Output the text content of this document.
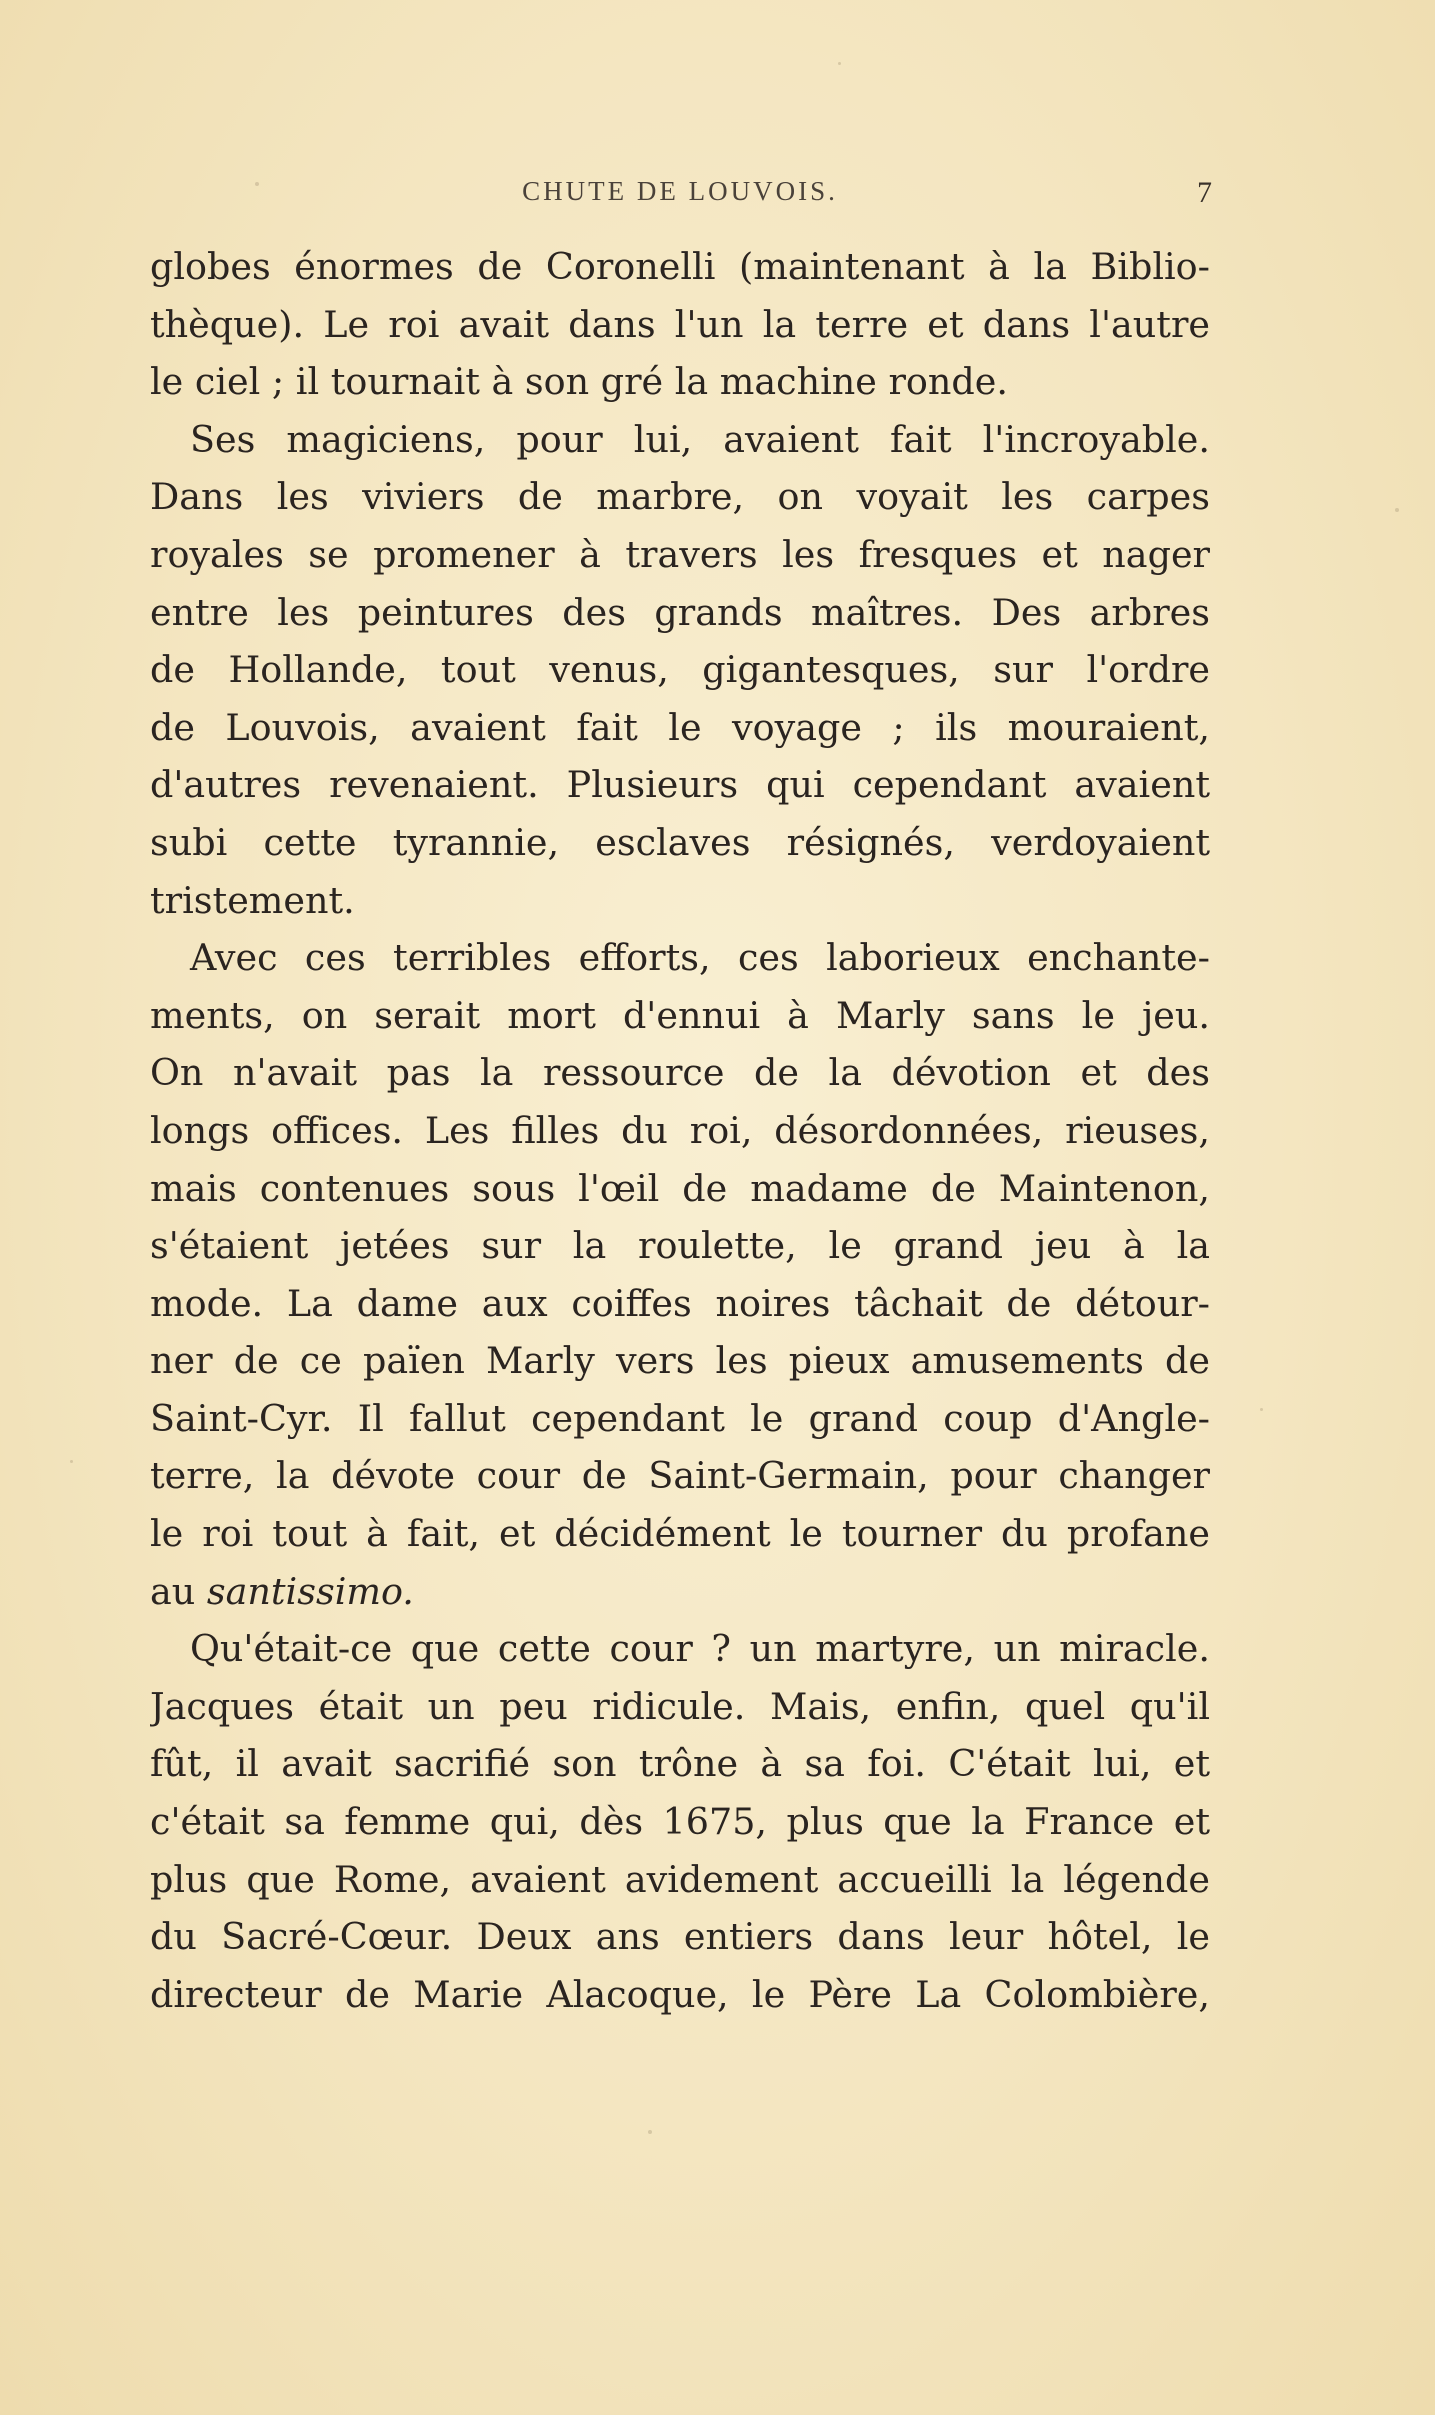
CHUTE DE LOUVOIS.	7
globes énormes de Coronelli (maintenant à la Biblio-
thèque). Le roi avait dans l'un la terre et dans l'autre
le ciel ; il tournait à son gré la machine ronde.
Ses magiciens, pour lui, avaient fait l'incroyable.
Dans les viviers de marbre, on voyait les carpes
royales se promener à travers les fresques et nager
entre les peintures des grands maîtres. Des arbres
de Hollande, tout venus, gigantesques, sur l'ordre
de Louvois, avaient fait le voyage ; ils mouraient,
d'autres revenaient. Plusieurs qui cependant avaient
subi cette tyrannie, esclaves résignés, verdoyaient
tristement.
Avec ces terribles efforts, ces laborieux enchante-
ments, on serait mort d'ennui à Marly sans le jeu.
On n'avait pas la ressource de la dévotion et des
longs offices. Les filles du roi, désordonnées, rieuses,
mais contenues sous l'œil de madame de Maintenon,
s'étaient jetées sur la roulette, le grand jeu à la
mode. La dame aux coiffes noires tâchait de détour-
ner de ce païen Marly vers les pieux amusements de
Saint-Cyr. Il fallut cependant le grand coup d'Angle-
terre, la dévote cour de Saint-Germain, pour changer
le roi tout à fait, et décidément le tourner du profane
au santissimo.
Qu'était-ce que cette cour ? un martyre, un miracle.
Jacques était un peu ridicule. Mais, enfin, quel qu'il
fût, il avait sacrifié son trône à sa foi. C'était lui, et
c'était sa femme qui, dès 1675, plus que la France et
plus que Rome, avaient avidement accueilli la légende
du Sacré-Cœur. Deux ans entiers dans leur hôtel, le
directeur de Marie Alacoque, le Père La Colombière,
